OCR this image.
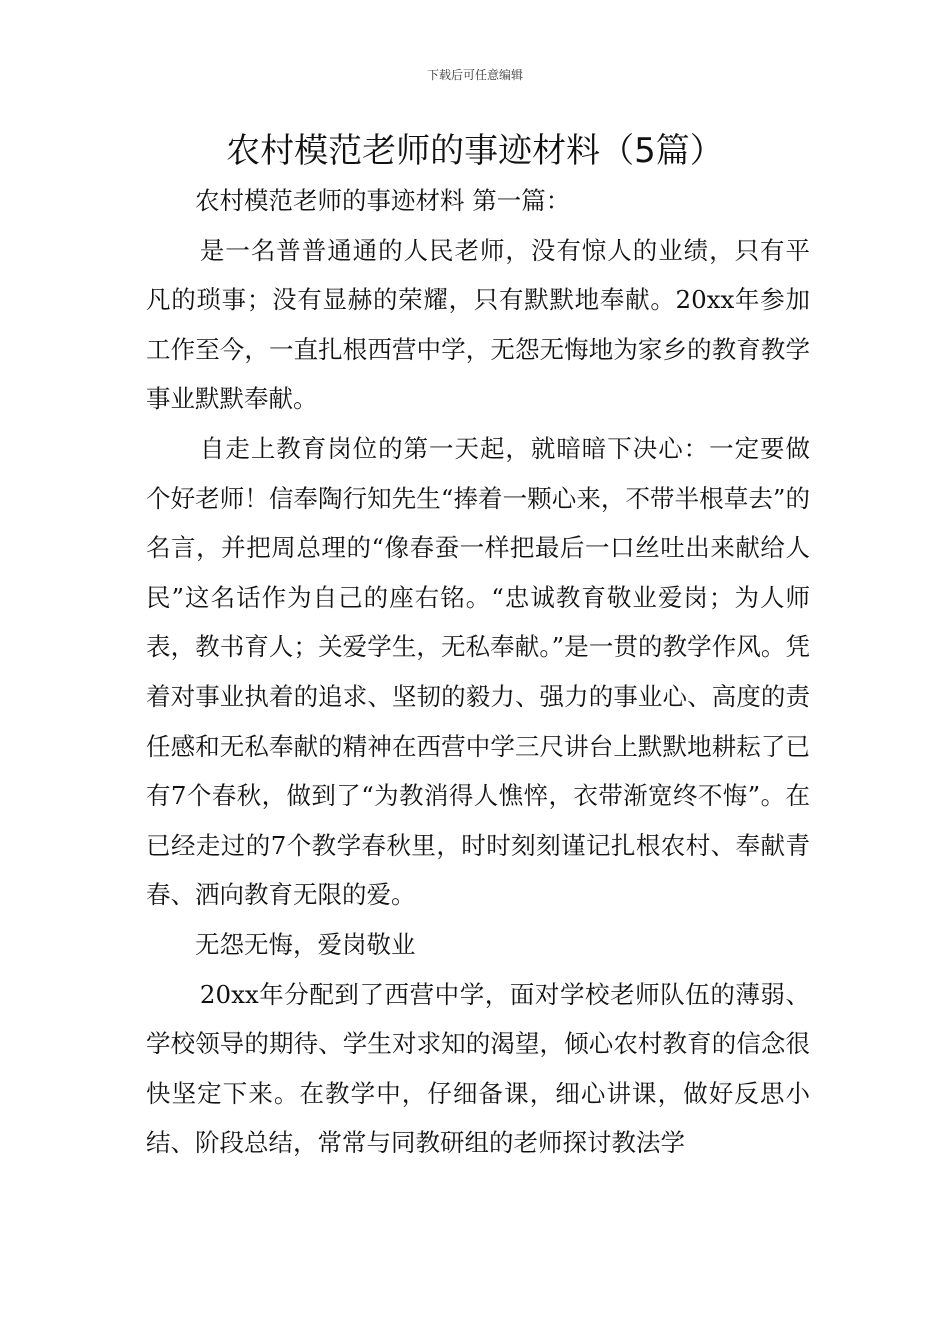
下载后可任意编辑
农村模范老师的事迹材料（5篇）

农村模范老师的事迹材料 第一篇：

是一名普普通通的人民老师，没有惊人的业绩，只有平凡的琐事；没有显赫的荣耀，只有默默地奉献。20xx年参加工作至今，一直扎根西营中学，无怨无悔地为家乡的教育教学事业默默奉献。

自走上教育岗位的第一天起，就暗暗下决心：一定要做个好老师！信奉陶行知先生“捧着一颗心来，不带半根草去”的名言，并把周总理的“像春蚕一样把最后一口丝吐出来献给人民”这名话作为自己的座右铭。“忠诚教育敬业爱岗；为人师表，教书育人；关爱学生，无私奉献。”是一贯的教学作风。凭着对事业执着的追求、坚韧的毅力、强力的事业心、高度的责任感和无私奉献的精神在西营中学三尺讲台上默默地耕耘了已有7个春秋，做到了“为教消得人憔悴，衣带渐宽终不悔”。在已经走过的7个教学春秋里，时时刻刻谨记扎根农村、奉献青春、洒向教育无限的爱。

无怨无悔，爱岗敬业

20xx年分配到了西营中学，面对学校老师队伍的薄弱、学校领导的期待、学生对求知的渴望，倾心农村教育的信念很快坚定下来。在教学中，仔细备课，细心讲课，做好反思小结、阶段总结，常常与同教研组的老师探讨教法学
